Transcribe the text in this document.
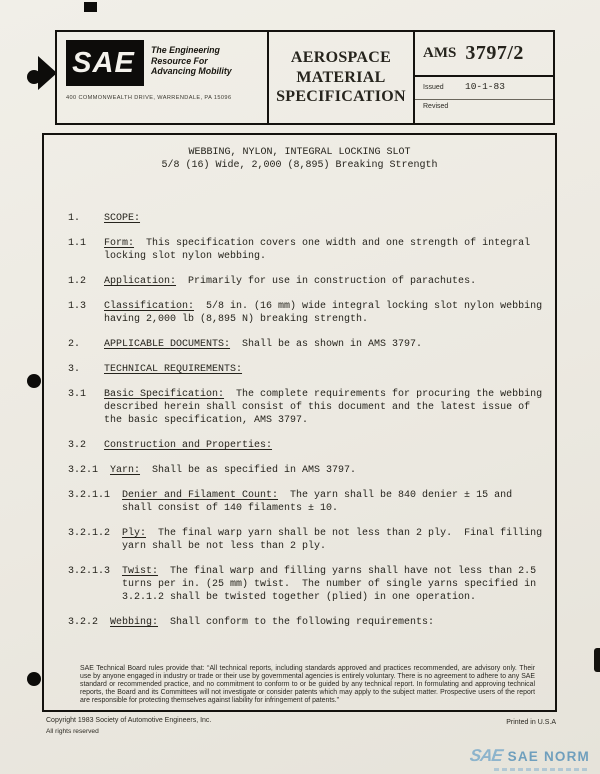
SAE	The Engineering
Resource For
Advancing Mobility
400 COMMONWEALTH DRIVE, WARRENDALE, PA 15096
AEROSPACE
MATERIAL
SPECIFICATION
AMS 3797/2
Issued	10-1-83
Revised
WEBBING, NYLON, INTEGRAL LOCKING SLOT
5/8 (16) Wide, 2,000 (8,895) Breaking Strength
1. SCOPE:
1.1 Form:  This specification covers one width and one strength of integral locking slot nylon webbing.
1.2 Application:  Primarily for use in construction of parachutes.
1.3 Classification:  5/8 in. (16 mm) wide integral locking slot nylon webbing having 2,000 lb (8,895 N) breaking strength.
2. APPLICABLE DOCUMENTS:  Shall be as shown in AMS 3797.
3. TECHNICAL REQUIREMENTS:
3.1 Basic Specification:  The complete requirements for procuring the webbing described herein shall consist of this document and the latest issue of the basic specification, AMS 3797.
3.2 Construction and Properties:
3.2.1 Yarn:  Shall be as specified in AMS 3797.
3.2.1.1 Denier and Filament Count:  The yarn shall be 840 denier ± 15 and shall consist of 140 filaments ± 10.
3.2.1.2 Ply:  The final warp yarn shall be not less than 2 ply.  Final filling yarn shall be not less than 2 ply.
3.2.1.3 Twist:  The final warp and filling yarns shall have not less than 2.5 turns per in. (25 mm) twist.  The number of single yarns specified in 3.2.1.2 shall be twisted together (plied) in one operation.
3.2.2 Webbing:  Shall conform to the following requirements:
SAE Technical Board rules provide that: “All technical reports, including standards approved and practices recommended, are advisory only. Their use by anyone engaged in industry or trade or their use by governmental agencies is entirely voluntary. There is no agreement to adhere to any SAE standard or recommended practice, and no commitment to conform to or be guided by any technical report. In formulating and approving technical reports, the Board and its Committees will not investigate or consider patents which may apply to the subject matter. Prospective users of the report are responsible for protecting themselves against liability for infringement of patents.”
Copyright 1983 Society of Automotive Engineers, Inc.
All rights reserved
Printed in U.S.A
SAE SAE NORM
